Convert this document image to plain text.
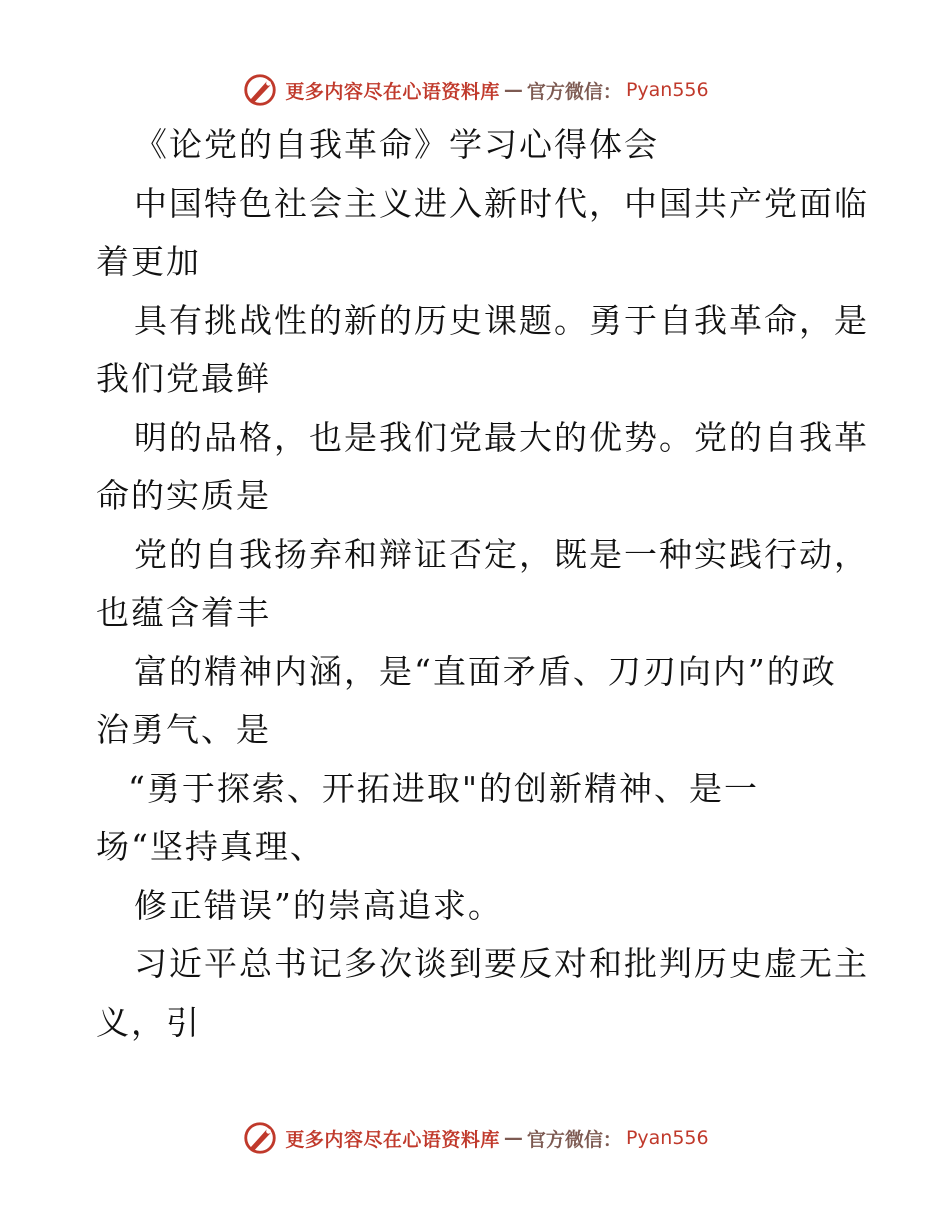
更多内容尽在心语资料库 — 官方微信： Pyan556
《论党的自我革命》学习心得体会
中国特色社会主义进入新时代，中国共产党面临
着更加
具有挑战性的新的历史课题。勇于自我革命，是
我们党最鲜
明的品格，也是我们党最大的优势。党的自我革
命的实质是
党的自我扬弃和辩证否定，既是一种实践行动，
也蕴含着丰
富的精神内涵，是“直面矛盾、刀刃向内”的政
治勇气、是
“勇于探索、开拓进取"的创新精神、是一
场“坚持真理、
修正错误”的崇高追求。
习近平总书记多次谈到要反对和批判历史虚无主
义，引
更多内容尽在心语资料库 — 官方微信： Pyan556
